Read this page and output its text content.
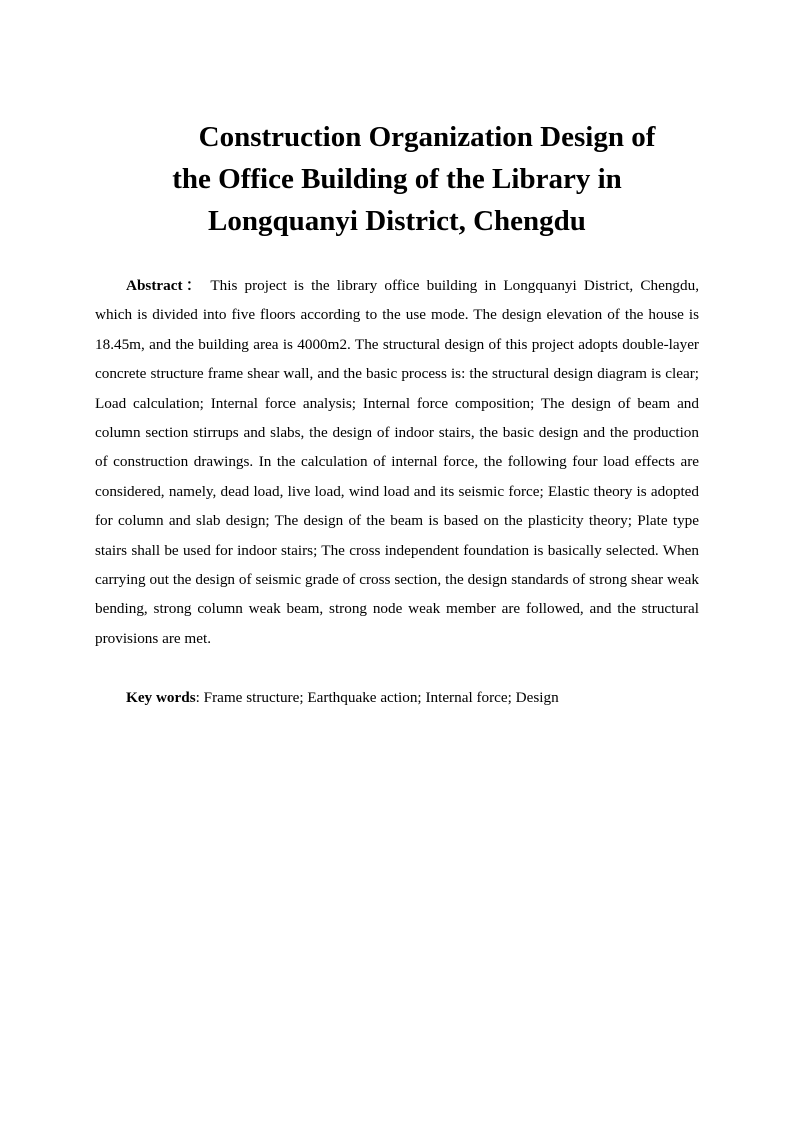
Construction Organization Design of
the Office Building of the Library in
Longquanyi District, Chengdu

Abstract： This project is the library office building in Longquanyi District, Chengdu, which is divided into five floors according to the use mode. The design elevation of the house is 18.45m, and the building area is 4000m2. The structural design of this project adopts double-layer concrete structure frame shear wall, and the basic process is: the structural design diagram is clear; Load calculation; Internal force analysis; Internal force composition; The design of beam and column section stirrups and slabs, the design of indoor stairs, the basic design and the production of construction drawings. In the calculation of internal force, the following four load effects are considered, namely, dead load, live load, wind load and its seismic force; Elastic theory is adopted for column and slab design; The design of the beam is based on the plasticity theory; Plate type stairs shall be used for indoor stairs; The cross independent foundation is basically selected. When carrying out the design of seismic grade of cross section, the design standards of strong shear weak bending, strong column weak beam, strong node weak member are followed, and the structural provisions are met.

Key words: Frame structure; Earthquake action; Internal force; Design
